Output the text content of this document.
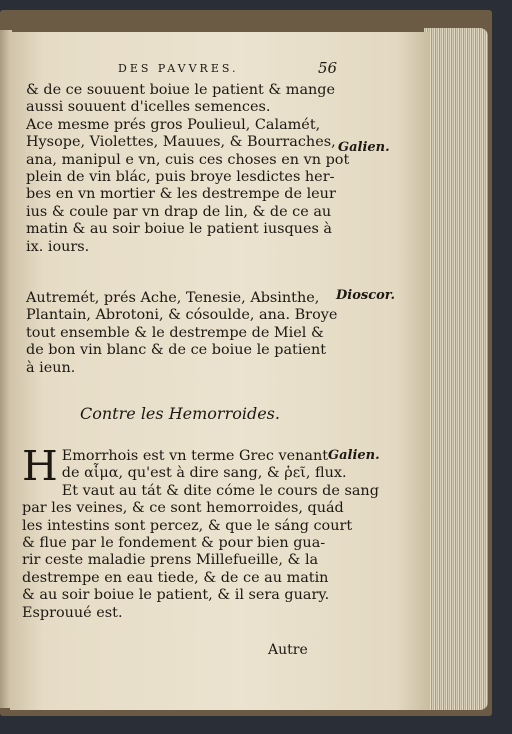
DES PAVVRES.	56
& de ce souuent boiue le patient & mange
aussi souuent d'icelles semences.
Ace mesme prés gros Poulieul, Calamét,
Hysope, Violettes, Mauues, & Bourraches,
ana, manipul e vn, cuis ces choses en vn pot
plein de vin blác, puis broye lesdictes her-
bes en vn mortier & les destrempe de leur
ius & coule par vn drap de lin, & de ce au
matin & au soir boiue le patient iusques à
ix. iours.
Autremét, prés Ache, Tenesie, Absinthe,
Plantain, Abrotoni, & cósoulde, ana. Broye
tout ensemble & le destrempe de Miel &
de bon vin blanc & de ce boiue le patient
à ieun.
Contre les Hemorroides.
H Emorrhois est vn terme Grec venant
de αἷμα, qu'est à dire sang, & ῥεῖ, flux.
Et vaut au tát & dite cóme le cours de sang
par les veines, & ce sont hemorroides, quád
les intestins sont percez, & que le sáng court
& flue par le fondement & pour bien gua-
rir ceste maladie prens Millefueille, & la
destrempe en eau tiede, & de ce au matin
& au soir boiue le patient, & il sera guary.
Esprouué est.
Autre
Galien.
Dioscor.
Galien.
